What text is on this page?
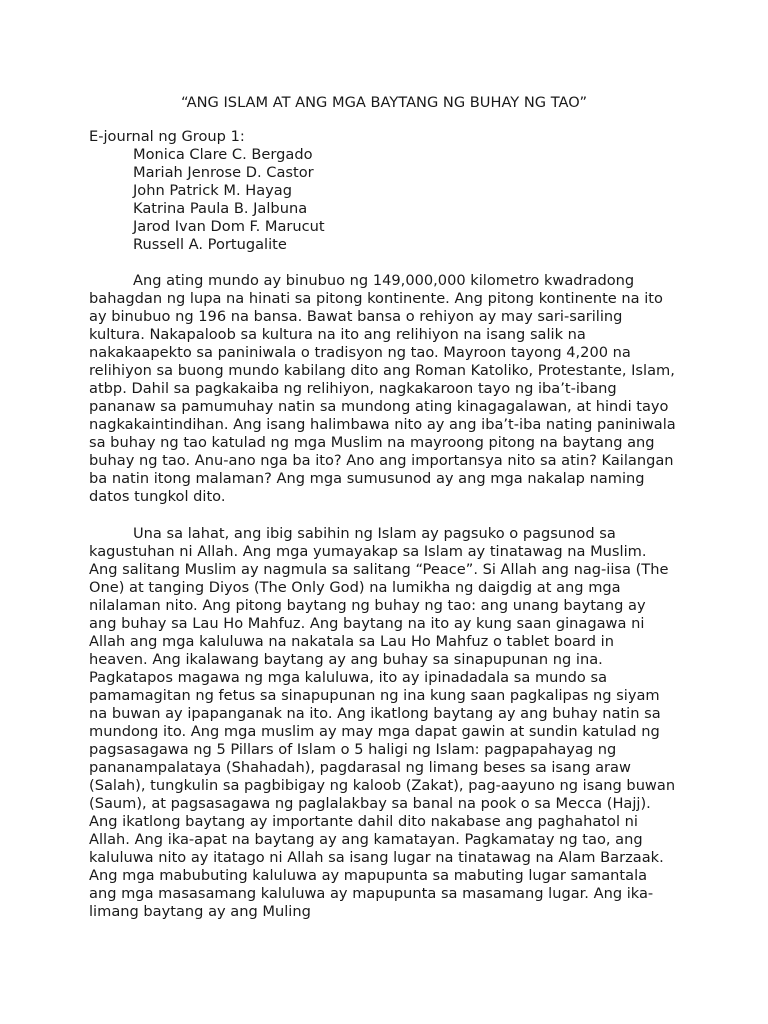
“ANG ISLAM AT ANG MGA BAYTANG NG BUHAY NG TAO”
E-journal ng Group 1:
Monica Clare C. Bergado
Mariah Jenrose D. Castor
John Patrick M. Hayag
Katrina Paula B. Jalbuna
Jarod Ivan Dom F. Marucut
Russell A. Portugalite

Ang ating mundo ay binubuo ng 149,000,000 kilometro kwadradong bahagdan ng lupa na hinati sa pitong kontinente. Ang pitong kontinente na ito ay binubuo ng 196 na bansa. Bawat bansa o rehiyon ay may sari-sariling kultura. Nakapaloob sa kultura na ito ang relihiyon na isang salik na nakakaapekto sa paniniwala o tradisyon ng tao. Mayroon tayong 4,200 na relihiyon sa buong mundo kabilang dito ang Roman Katoliko, Protestante, Islam, atbp. Dahil sa pagkakaiba ng relihiyon, nagkakaroon tayo ng iba’t-ibang pananaw sa pamumuhay natin sa mundong ating kinagagalawan, at hindi tayo nagkakaintindihan. Ang isang halimbawa nito ay ang iba’t-iba nating paniniwala sa buhay ng tao katulad ng mga Muslim na mayroong pitong na baytang ang buhay ng tao. Anu-ano nga ba ito? Ano ang importansya nito sa atin? Kailangan ba natin itong malaman? Ang mga sumusunod ay ang mga nakalap naming datos tungkol dito.

Una sa lahat, ang ibig sabihin ng Islam ay pagsuko o pagsunod sa kagustuhan ni Allah. Ang mga yumayakap sa Islam ay tinatawag na Muslim. Ang salitang Muslim ay nagmula sa salitang “Peace”. Si Allah ang nag-iisa (The One) at tanging Diyos (The Only God) na lumikha ng daigdig at ang mga nilalaman nito. Ang pitong baytang ng buhay ng tao: ang unang baytang ay ang buhay sa Lau Ho Mahfuz. Ang baytang na ito ay kung saan ginagawa ni Allah ang mga kaluluwa na nakatala sa Lau Ho Mahfuz o tablet board in heaven. Ang ikalawang baytang ay ang buhay sa sinapupunan ng ina. Pagkatapos magawa ng mga kaluluwa, ito ay ipinadadala sa mundo sa pamamagitan ng fetus sa sinapupunan ng ina kung saan pagkalipas ng siyam na buwan ay ipapanganak na ito. Ang ikatlong baytang ay ang buhay natin sa mundong ito. Ang mga muslim ay may mga dapat gawin at sundin katulad ng pagsasagawa ng 5 Pillars of Islam o 5 haligi ng Islam: pagpapahayag ng pananampalataya (Shahadah), pagdarasal ng limang beses sa isang araw (Salah), tungkulin sa pagbibigay ng kaloob (Zakat), pag-aayuno ng isang buwan (Saum), at pagsasagawa ng paglalakbay sa banal na pook o sa Mecca (Hajj). Ang ikatlong baytang ay importante dahil dito nakabase ang paghahatol ni Allah. Ang ika-apat na baytang ay ang kamatayan. Pagkamatay ng tao, ang kaluluwa nito ay itatago ni Allah sa isang lugar na tinatawag na Alam Barzaak. Ang mga mabubuting kaluluwa ay mapupunta sa mabuting lugar samantala ang mga masasamang kaluluwa ay mapupunta sa masamang lugar. Ang ika-limang baytang ay ang Muling
